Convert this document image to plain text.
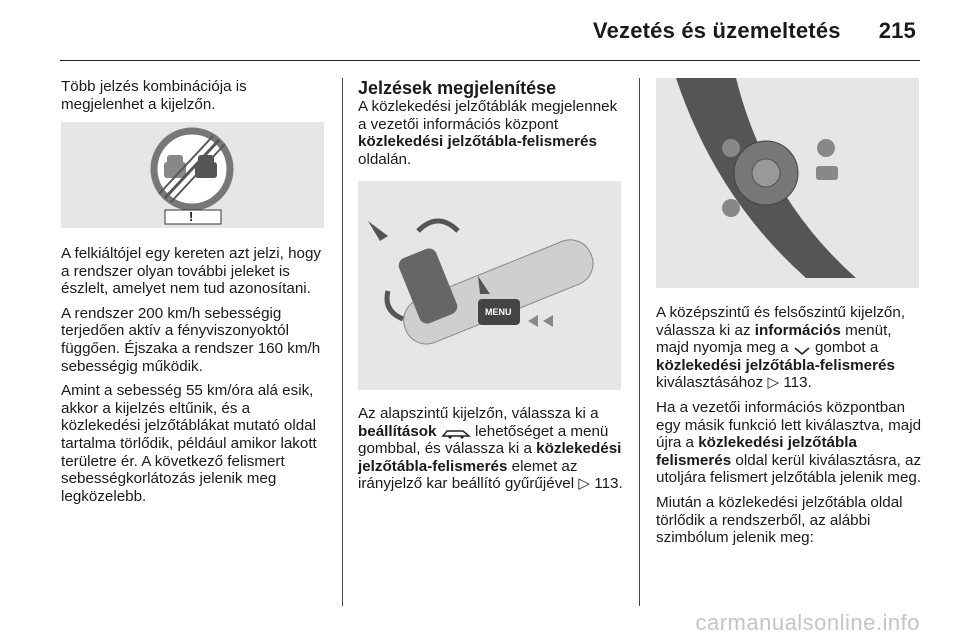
Vezetés és üzemeltetés 215

Több jelzés kombinációja is megjelenhet a kijelzőn.

!

A felkiáltójel egy kereten azt jelzi, hogy a rendszer olyan további jeleket is észlelt, amelyet nem tud azonosítani.

A rendszer 200 km/h sebességig terjedően aktív a fényviszonyoktól függően. Éjszaka a rendszer 160 km/h sebességig működik.

Amint a sebesség 55 km/óra alá esik, akkor a kijelzés eltűnik, és a közlekedési jelzőtáblákat mutató oldal tartalma törlődik, például amikor lakott területre ér. A következő felismert sebességkorlátozás jelenik meg legközelebb.

Jelzések megjelenítése

A közlekedési jelzőtáblák megjelennek a vezetői információs központ közlekedési jelzőtábla-felismerés oldalán.

MENU

Az alapszintű kijelzőn, válassza ki a beállítások  lehetőséget a menü gombbal, és válassza ki a közlekedési jelzőtábla-felismerés elemet az irányjelző kar beállító gyűrűjével ▷ 113.

A középszintű és felsőszintű kijelzőn, válassza ki az információs menüt, majd nyomja meg a  gombot a közlekedési jelzőtábla-felismerés kiválasztásához ▷ 113.

Ha a vezetői információs központban egy másik funkció lett kiválasztva, majd újra a közlekedési jelzőtábla felismerés oldal kerül kiválasztásra, az utoljára felismert jelzőtábla jelenik meg.

Miután a közlekedési jelzőtábla oldal törlődik a rendszerből, az alábbi szimbólum jelenik meg:

carmanualsonline.info
